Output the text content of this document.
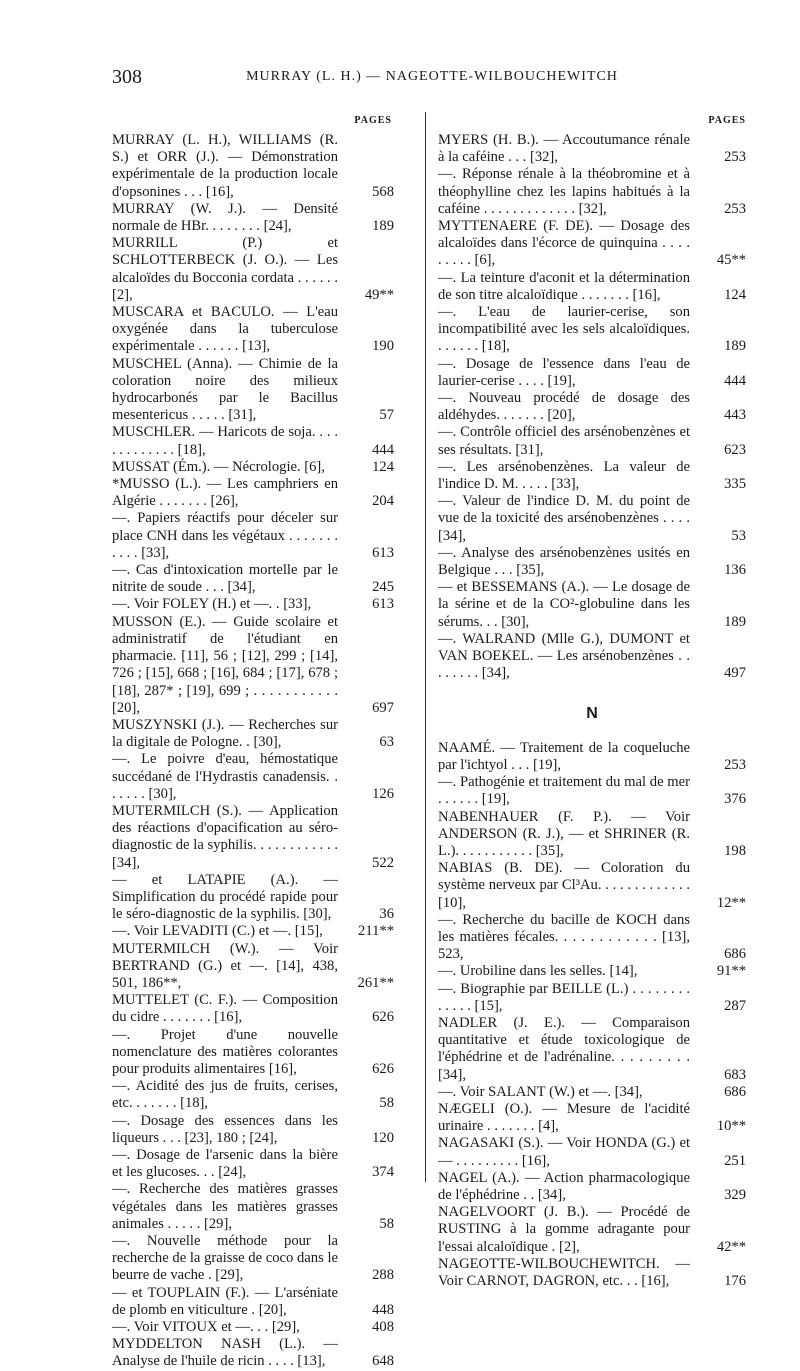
308	MURRAY (L. H.) — NAGEOTTE-WILBOUCHEWITCH
PAGES	PAGES
MURRAY (L. H.), WILLIAMS (R. S.) et ORR (J.). — Démonstration expérimentale de la production locale d'opsonines . . . [16],	568
MURRAY (W. J.). — Densité normale de HBr. . . . . . . . [24],	189
MURRILL (P.) et SCHLOTTERBECK (J. O.). — Les alcaloïdes du Bocconia cordata . . . . . . [2],	49**
MUSCARA et BACULO. — L'eau oxygénée dans la tuberculose expérimentale . . . . . . [13],	190
MUSCHEL (Anna). — Chimie de la coloration noire des milieux hydrocarbonés par le Bacillus mesentericus . . . . . [31],	57
MUSCHLER. — Haricots de soja. . . . . . . . . . . . . [18],	444
MUSSAT (Ém.). — Nécrologie. [6],	124
*MUSSO (L.). — Les camphriers en Algérie . . . . . . . [26],	204
—. Papiers réactifs pour déceler sur place CNH dans les végétaux . . . . . . . . . . . [33],	613
—. Cas d'intoxication mortelle par le nitrite de soude . . . [34],	245
—. Voir FOLEY (H.) et —. . [33],	613
MUSSON (E.). — Guide scolaire et administratif de l'étudiant en pharmacie. [11], 56 ; [12], 299 ; [14], 726 ; [15], 668 ; [16], 684 ; [17], 678 ; [18], 287* ; [19], 699 ; . . . . . . . . . . . [20],	697
MUSZYNSKI (J.). — Recherches sur la digitale de Pologne. . [30],	63
—. Le poivre d'eau, hémostatique succédané de l'Hydrastis canadensis. . . . . . . [30],	126
MUTERMILCH (S.). — Application des réactions d'opacification au séro-diagnostic de la syphilis. . . . . . . . . . . . [34],	522
— et LATAPIE (A.). — Simplification du procédé rapide pour le séro-diagnostic de la syphilis. [30],	36
—. Voir LEVADITI (C.) et —. [15],	211**
MUTERMILCH (W.). — Voir BERTRAND (G.) et —. [14], 438, 501, 186**,	261**
MUTTELET (C. F.). — Composition du cidre . . . . . . . [16],	626
—. Projet d'une nouvelle nomenclature des matières colorantes pour produits alimentaires [16],	626
—. Acidité des jus de fruits, cerises, etc. . . . . . . [18],	58
—. Dosage des essences dans les liqueurs . . . [23], 180 ; [24],	120
—. Dosage de l'arsenic dans la bière et les glucoses. . . [24],	374
—. Recherche des matières grasses végétales dans les matières grasses animales . . . . . [29],	58
—. Nouvelle méthode pour la recherche de la graisse de coco dans le beurre de vache . [29],	288
— et TOUPLAIN (F.). — L'arséniate de plomb en viticulture . [20],	448
—. Voir VITOUX et —. . . [29],	408
MYDDELTON NASH (L.). — Analyse de l'huile de ricin . . . . [13],	648
MYERS (H. B.). — Accoutumance rénale à la caféine . . . [32],	253
—. Réponse rénale à la théobromine et à théophylline chez les lapins habitués à la caféine . . . . . . . . . . . . . [32],	253
MYTTENAERE (F. DE). — Dosage des alcaloïdes dans l'écorce de quinquina . . . . . . . . . [6],	45**
—. La teinture d'aconit et la détermination de son titre alcaloïdique . . . . . . . [16],	124
—. L'eau de laurier-cerise, son incompatibilité avec les sels alcaloïdiques. . . . . . . [18],	189
—. Dosage de l'essence dans l'eau de laurier-cerise . . . . [19],	444
—. Nouveau procédé de dosage des aldéhydes. . . . . . . [20],	443
—. Contrôle officiel des arsénobenzènes et ses résultats. [31],	623
—. Les arsénobenzènes. La valeur de l'indice D. M. . . . . [33],	335
—. Valeur de l'indice D. M. du point de vue de la toxicité des arsénobenzènes . . . . [34],	53
—. Analyse des arsénobenzènes usités en Belgique . . . [35],	136
— et BESSEMANS (A.). — Le dosage de la sérine et de la CO²-globuline dans les sérums. . . [30],	189
—. WALRAND (Mlle G.), DUMONT et VAN BOEKEL. — Les arsénobenzènes . . . . . . . . [34],	497
N
NAAMÉ. — Traitement de la coqueluche par l'ichtyol . . . [19],	253
—. Pathogénie et traitement du mal de mer . . . . . . [19],	376
NABENHAUER (F. P.). — Voir ANDERSON (R. J.), — et SHRINER (R. L.). . . . . . . . . . . [35],	198
NABIAS (B. DE). — Coloration du système nerveux par Cl³Au. . . . . . . . . . . . . [10],	12**
—. Recherche du bacille de KOCH dans les matières fécales. . . . . . . . . . . . [13], 523,	686
—. Urobiline dans les selles. [14],	91**
—. Biographie par BEILLE (L.) . . . . . . . . . . . . . [15],	287
NADLER (J. E.). — Comparaison quantitative et étude toxicologique de l'éphédrine et de l'adrénaline. . . . . . . . . [34],	683
—. Voir SALANT (W.) et —. [34],	686
NÆGELI (O.). — Mesure de l'acidité urinaire . . . . . . . [4],	10**
NAGASAKI (S.). — Voir HONDA (G.) et — . . . . . . . . . [16],	251
NAGEL (A.). — Action pharmacologique de l'éphédrine . . [34],	329
NAGELVOORT (J. B.). — Procédé de RUSTING à la gomme adragante pour l'essai alcaloïdique . [2],	42**
NAGEOTTE-WILBOUCHEWITCH. — Voir CARNOT, DAGRON, etc. . . [16],	176
